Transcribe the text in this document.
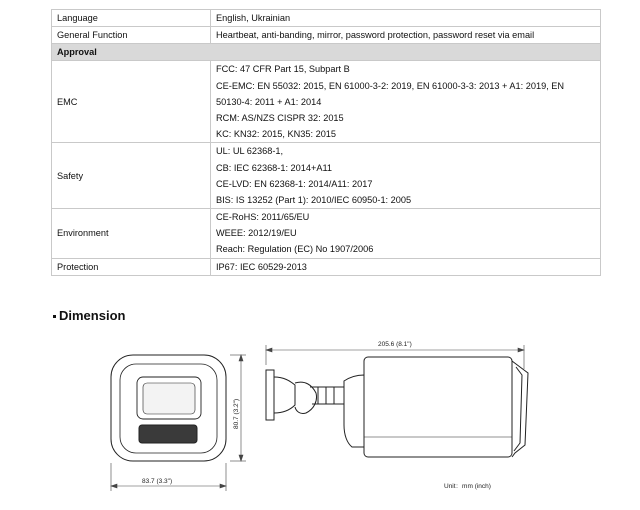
Language	English, Ukrainian

General Function	Heartbeat, anti-banding, mirror, password protection, password reset via email

Approval	
EMC	FCC: 47 CFR Part 15, Subpart B
CE-EMC: EN 55032: 2015, EN 61000-3-2: 2019, EN 61000-3-3: 2013 + A1: 2019, EN
50130-4: 2011 + A1: 2014
RCM: AS/NZS CISPR 32: 2015
KC: KN32: 2015, KN35: 2015

Safety	UL: UL 62368-1,
CB: IEC 62368-1: 2014+A11
CE-LVD: EN 62368-1: 2014/A11: 2017
BIS: IS 13252 (Part 1): 2010/IEC 60950-1: 2005

Environment	CE-RoHS: 2011/65/EU
WEEE: 2012/19/EU
Reach: Regulation (EC) No 1907/2006

Protection	IP67: IEC 60529-2013
Dimension
80.7 (3.2")
83.7 (3.3")
205.6 (8.1")
Unit：mm (inch)
